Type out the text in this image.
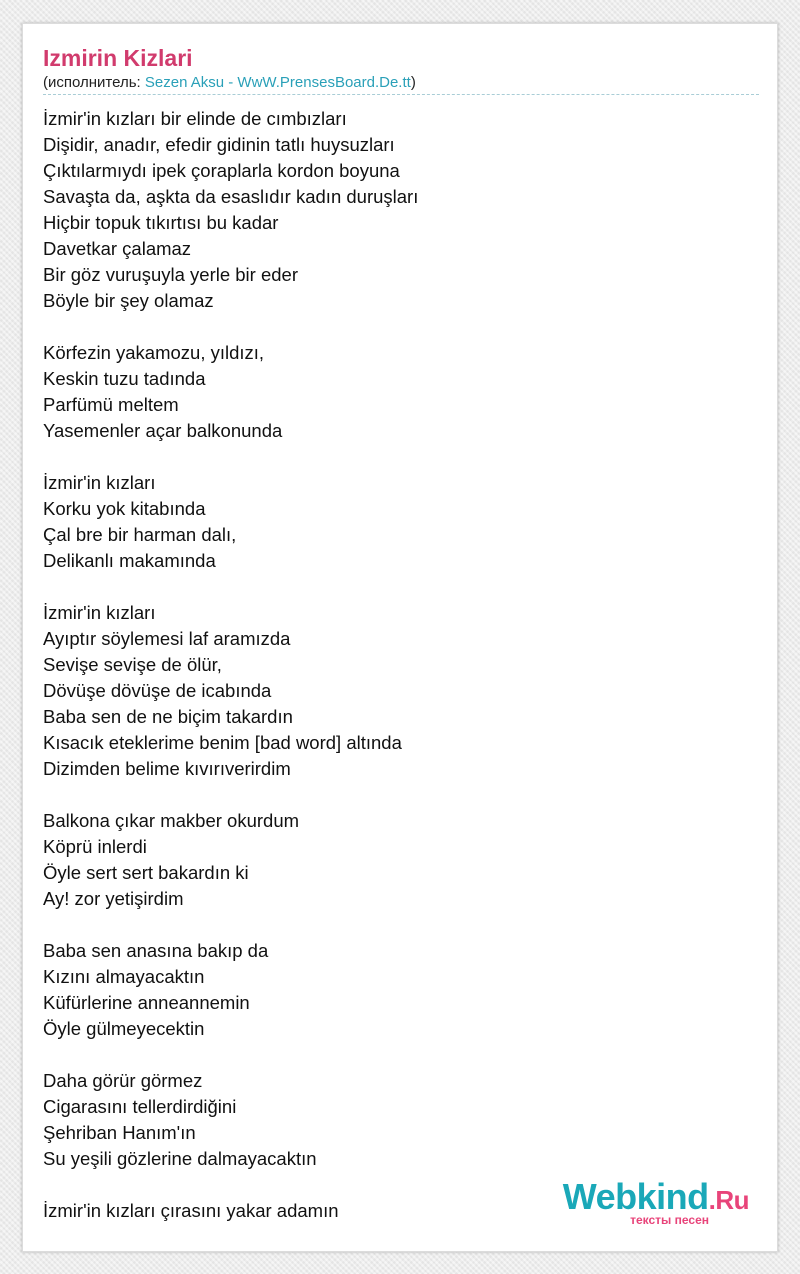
Izmirin Kizlari
(исполнитель: Sezen Aksu - WwW.PrensesBoard.De.tt)
İzmir'in kızları bir elinde de cımbızları
Dişidir, anadır, efedir gidinin tatlı huysuzları
Çıktılarmıydı ipek çoraplarla kordon boyuna
Savaşta da, aşkta da esaslıdır kadın duruşları
Hiçbir topuk tıkırtısı bu kadar
Davetkar çalamaz
Bir göz vuruşuyla yerle bir eder
Böyle bir şey olamaz
Körfezin yakamozu, yıldızı,
Keskin tuzu tadında
Parfümü meltem
Yasemenler açar balkonunda
İzmir'in kızları
Korku yok kitabında
Çal bre bir harman dalı,
Delikanlı makamında
İzmir'in kızları
Ayıptır söylemesi laf aramızda
Sevişe sevişe de ölür,
Dövüşe dövüşe de icabında
Baba sen de ne biçim takardın
Kısacık eteklerime benim [bad word] altında
Dizimden belime kıvırıverirdim
Balkona çıkar makber okurdum
Köprü inlerdi
Öyle sert sert bakardın ki
Ay! zor yetişirdim
Baba sen anasına bakıp da
Kızını almayacaktın
Küfürlerine anneannemin
Öyle gülmeyecektin
Daha görür görmez
Cigarasını tellerdirdiğini
Şehriban Hanım'ın
Su yeşili gözlerine dalmayacaktın
İzmir'in kızları çırasını yakar adamın	Webkind.Ru
тексты песен
